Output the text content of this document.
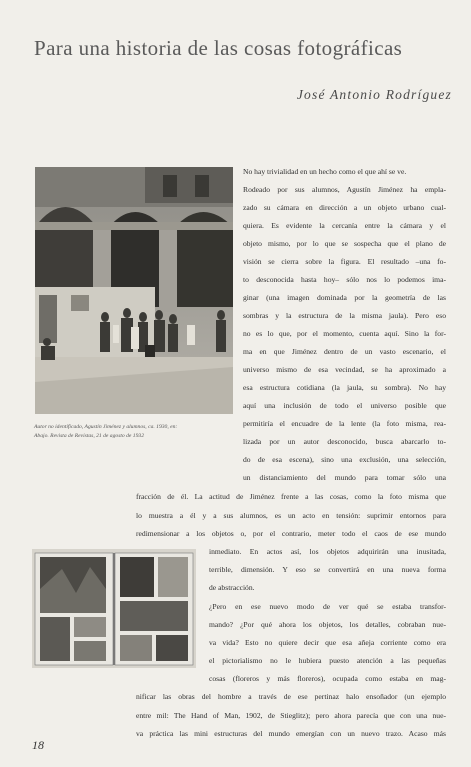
Para una historia de las cosas fotográficas
José Antonio Rodríguez
Autor no identificado, Agustín Jiménez y alumnos, ca. 1930, en:
Abajo. Revista de Revistas, 21 de agosto de 1932
No hay trivialidad en un hecho como el que ahí se ve.
Rodeado por sus alumnos, Agustín Jiménez ha empla-
zado su cámara en dirección a un objeto urbano cual-
quiera. Es evidente la cercanía entre la cámara y el
objeto mismo, por lo que se sospecha que el plano de
visión se cierra sobre la figura. El resultado –una fo-
to desconocida hasta hoy– sólo nos lo podemos ima-
ginar (una imagen dominada por la geometría de las
sombras y la estructura de la misma jaula). Pero eso
no es lo que, por el momento, cuenta aquí. Sino la for-
ma en que Jiménez dentro de un vasto escenario, el
universo mismo de esa vecindad, se ha aproximado a
esa estructura cotidiana (la jaula, su sombra). No hay
aquí una inclusión de todo el universo posible que
permitiría el encuadre de la lente (la foto misma, rea-
lizada por un autor desconocido, busca abarcarlo to-
do de esa escena), sino una exclusión, una selección,
un distanciamiento del mundo para tomar sólo una
fracción de él. La actitud de Jiménez frente a las cosas, como la foto misma que
lo muestra a él y a sus alumnos, es un acto en tensión: suprimir entornos para
redimensionar a los objetos o, por el contrario, meter todo el caos de ese mundo
inmediato. En actos así, los objetos adquirirán una inusitada,
terrible, dimensión. Y eso se convertirá en una nueva forma
de abstracción.
¿Pero en ese nuevo modo de ver qué se estaba transfor-
mando? ¿Por qué ahora los objetos, los detalles, cobraban nue-
va vida? Esto no quiere decir que esa añeja corriente como era
el pictorialismo no le hubiera puesto atención a las pequeñas
cosas (floreros y más floreros), ocupada como estaba en mag-
nificar las obras del hombre a través de ese pertinaz halo ensoñador (un ejemplo
entre mil: The Hand of Man, 1902, de Stieglitz); pero ahora parecía que con una nue-
va práctica las mini estructuras del mundo emergían con un nuevo trazo. Acaso más
18
